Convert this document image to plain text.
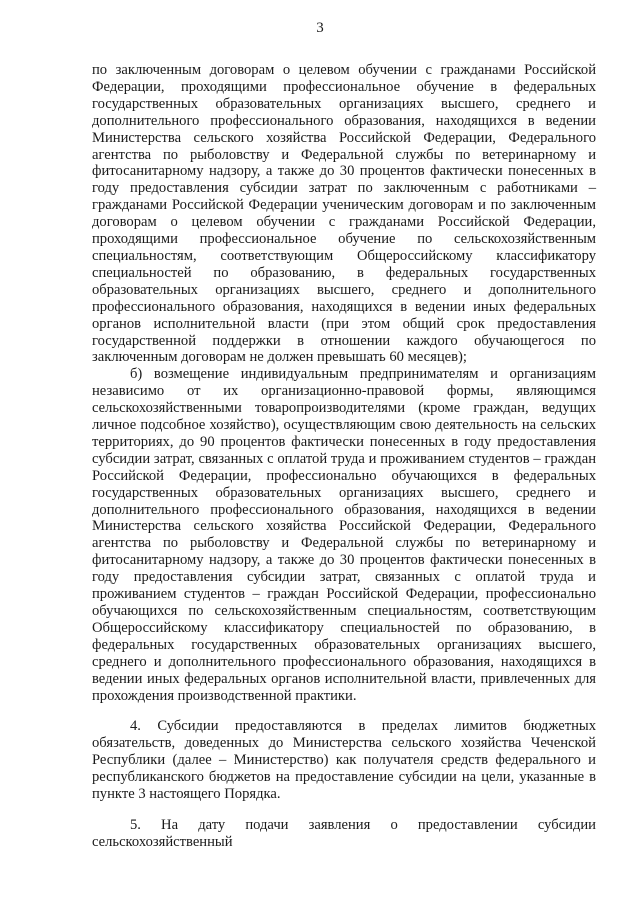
3

по заключенным договорам о целевом обучении с гражданами Российской Федерации, проходящими профессиональное обучение в федеральных государственных образовательных организациях высшего, среднего и дополнительного профессионального образования, находящихся в ведении Министерства сельского хозяйства Российской Федерации, Федерального агентства по рыболовству и Федеральной службы по ветеринарному и фитосанитарному надзору, а также до 30 процентов фактически понесенных в году предоставления субсидии затрат по заключенным с работниками – гражданами Российской Федерации ученическим договорам и по заключенным договорам о целевом обучении с гражданами Российской Федерации, проходящими профессиональное обучение по сельскохозяйственным специальностям, соответствующим Общероссийскому классификатору специальностей по образованию, в федеральных государственных образовательных организациях высшего, среднего и дополнительного профессионального образования, находящихся в ведении иных федеральных органов исполнительной власти (при этом общий срок предоставления государственной поддержки в отношении каждого обучающегося по заключенным договорам не должен превышать 60 месяцев);

б) возмещение индивидуальным предпринимателям и организациям независимо от их организационно-правовой формы, являющимся сельскохозяйственными товаропроизводителями (кроме граждан, ведущих личное подсобное хозяйство), осуществляющим свою деятельность на сельских территориях, до 90 процентов фактически понесенных в году предоставления субсидии затрат, связанных с оплатой труда и проживанием студентов – граждан Российской Федерации, профессионально обучающихся в федеральных государственных образовательных организациях высшего, среднего и дополнительного профессионального образования, находящихся в ведении Министерства сельского хозяйства Российской Федерации, Федерального агентства по рыболовству и Федеральной службы по ветеринарному и фитосанитарному надзору, а также до 30 процентов фактически понесенных в году предоставления субсидии затрат, связанных с оплатой труда и проживанием студентов – граждан Российской Федерации, профессионально обучающихся по сельскохозяйственным специальностям, соответствующим Общероссийскому классификатору специальностей по образованию, в федеральных государственных образовательных организациях высшего, среднего и дополнительного профессионального образования, находящихся в ведении иных федеральных органов исполнительной власти, привлеченных для прохождения производственной практики.

4. Субсидии предоставляются в пределах лимитов бюджетных обязательств, доведенных до Министерства сельского хозяйства Чеченской Республики (далее – Министерство) как получателя средств федерального и республиканского бюджетов на предоставление субсидии на цели, указанные в пункте 3 настоящего Порядка.

5. На дату подачи заявления о предоставлении субсидии сельскохозяйственный
